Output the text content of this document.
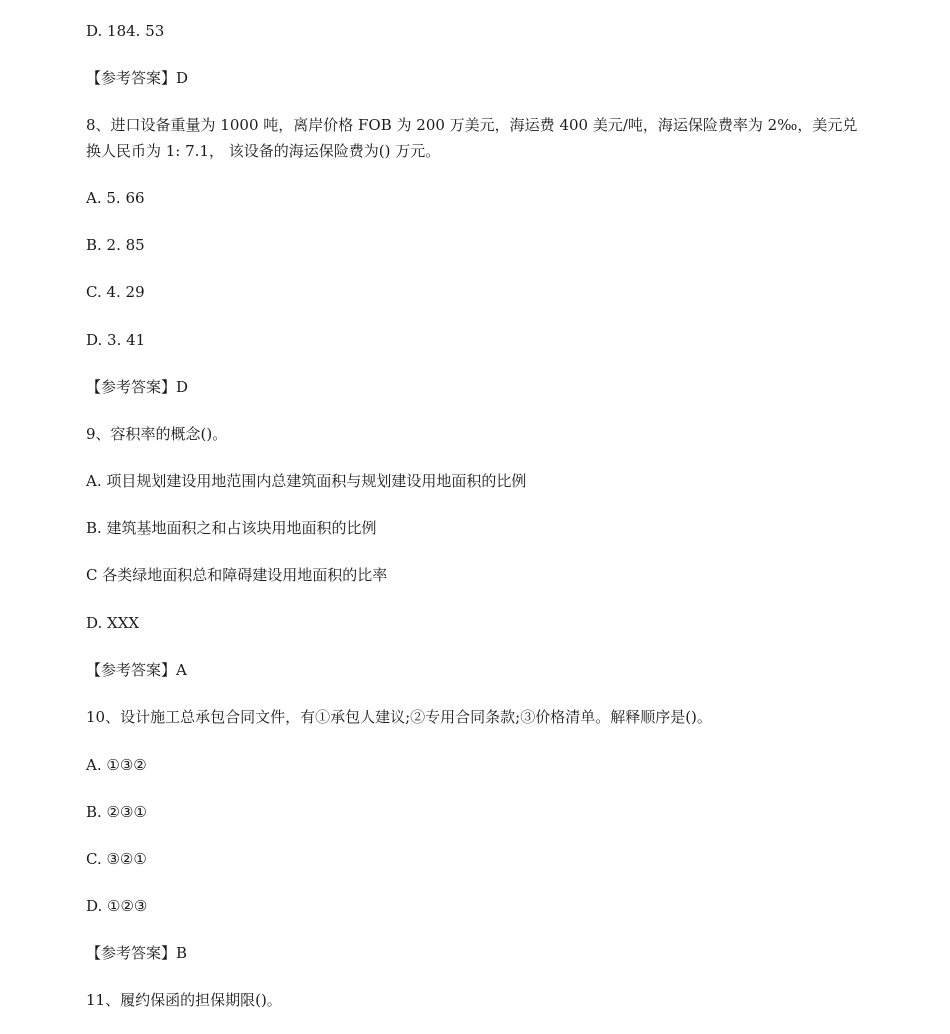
D. 184. 53
【参考答案】D
8、进口设备重量为 1000 吨，离岸价格 FOB 为 200 万美元，海运费 400 美元/吨，海运保险费率为 2‰，美元兑换人民币为 1: 7.1， 该设备的海运保险费为() 万元。
A. 5. 66
B. 2. 85
C. 4. 29
D. 3. 41
【参考答案】D
9、容积率的概念()。
A. 项目规划建设用地范围内总建筑面积与规划建设用地面积的比例
B. 建筑基地面积之和占该块用地面积的比例
C 各类绿地面积总和障碍建设用地面积的比率
D. XXX
【参考答案】A
10、设计施工总承包合同文件，有①承包人建议;②专用合同条款;③价格清单。解释顺序是()。
A. ①③②
B. ②③①
C. ③②①
D. ①②③
【参考答案】B
11、履约保函的担保期限()。
